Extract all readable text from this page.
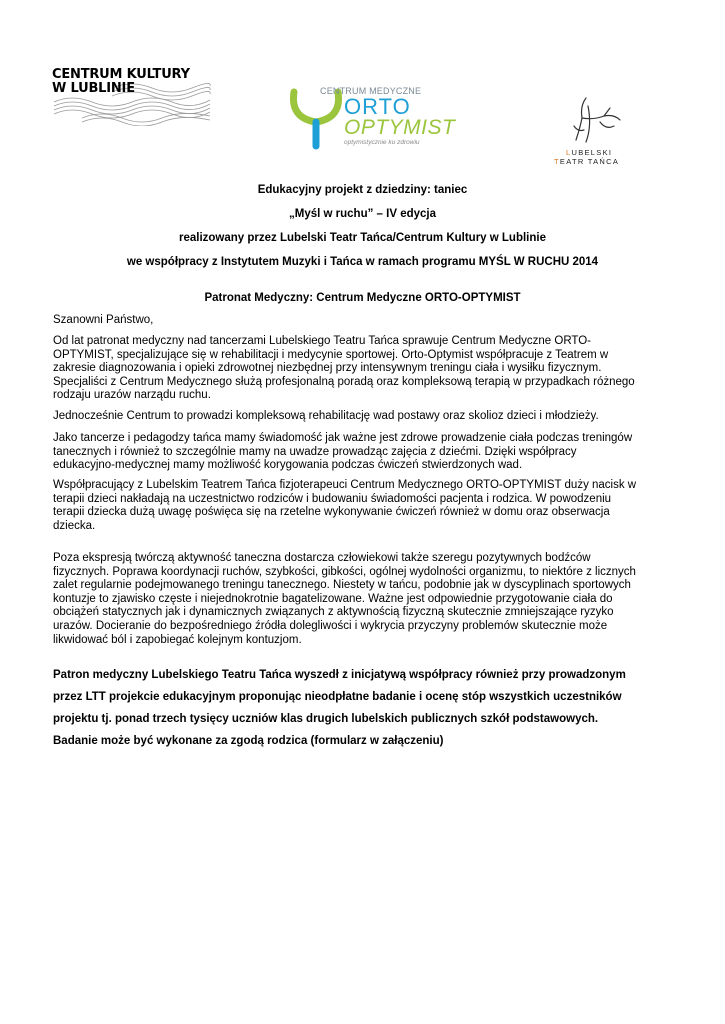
CENTRUM KULTURY
W LUBLINIE	CENTRUM MEDYCZNE
ORTO
OPTYMIST
optymistycznie ku zdrowiu
LUBELSKI
TEATR TAŃCA
Edukacyjny projekt z dziedziny: taniec
„Myśl w ruchu” – IV edycja
realizowany przez Lubelski Teatr Tańca/Centrum Kultury w Lublinie
we współpracy z Instytutem Muzyki i Tańca w ramach programu MYŚL W RUCHU 2014
Patronat Medyczny: Centrum Medyczne ORTO-OPTYMIST
Szanowni Państwo,
Od lat patronat medyczny nad tancerzami Lubelskiego Teatru Tańca sprawuje Centrum Medyczne ORTO-
OPTYMIST, specjalizujące się w rehabilitacji i medycynie sportowej. Orto-Optymist współpracuje z Teatrem w
zakresie diagnozowania i opieki zdrowotnej niezbędnej przy intensywnym treningu ciała i wysiłku fizycznym.
Specjaliści z Centrum Medycznego służą profesjonalną poradą oraz kompleksową terapią w przypadkach różnego
rodzaju urazów narządu ruchu.
Jednocześnie Centrum to prowadzi kompleksową rehabilitację wad postawy oraz skolioz dzieci i młodzieży.
Jako tancerze i pedagodzy tańca mamy świadomość jak ważne jest zdrowe prowadzenie ciała podczas treningów
tanecznych i również to szczególnie mamy na uwadze prowadząc zajęcia z dziećmi. Dzięki współpracy
edukacyjno-medycznej mamy możliwość korygowania podczas ćwiczeń stwierdzonych wad.
Współpracujący z Lubelskim Teatrem Tańca fizjoterapeuci Centrum Medycznego ORTO-OPTYMIST duży nacisk w
terapii dzieci nakładają na uczestnictwo rodziców i budowaniu świadomości pacjenta i rodzica. W powodzeniu
terapii dziecka dużą uwagę poświęca się na rzetelne wykonywanie ćwiczeń również w domu oraz obserwacja
dziecka.
Poza ekspresją twórczą aktywność taneczna dostarcza człowiekowi także szeregu pozytywnych bodźców
fizycznych. Poprawa koordynacji ruchów, szybkości, gibkości, ogólnej wydolności organizmu, to niektóre z licznych
zalet regularnie podejmowanego treningu tanecznego. Niestety w tańcu, podobnie jak w dyscyplinach sportowych
kontuzje to zjawisko częste i niejednokrotnie bagatelizowane. Ważne jest odpowiednie przygotowanie ciała do
obciążeń statycznych jak i dynamicznych związanych z aktywnością fizyczną skutecznie zmniejszające ryzyko
urazów. Docieranie do bezpośredniego źródła dolegliwości i wykrycia przyczyny problemów skutecznie może
likwidować ból i zapobiegać kolejnym kontuzjom.
Patron medyczny Lubelskiego Teatru Tańca wyszedł z inicjatywą współpracy również przy prowadzonym
przez LTT projekcie edukacyjnym proponując nieodpłatne badanie i ocenę stóp wszystkich uczestników
projektu tj. ponad trzech tysięcy uczniów klas drugich lubelskich publicznych szkół podstawowych.
Badanie może być wykonane za zgodą rodzica (formularz w załączeniu)
